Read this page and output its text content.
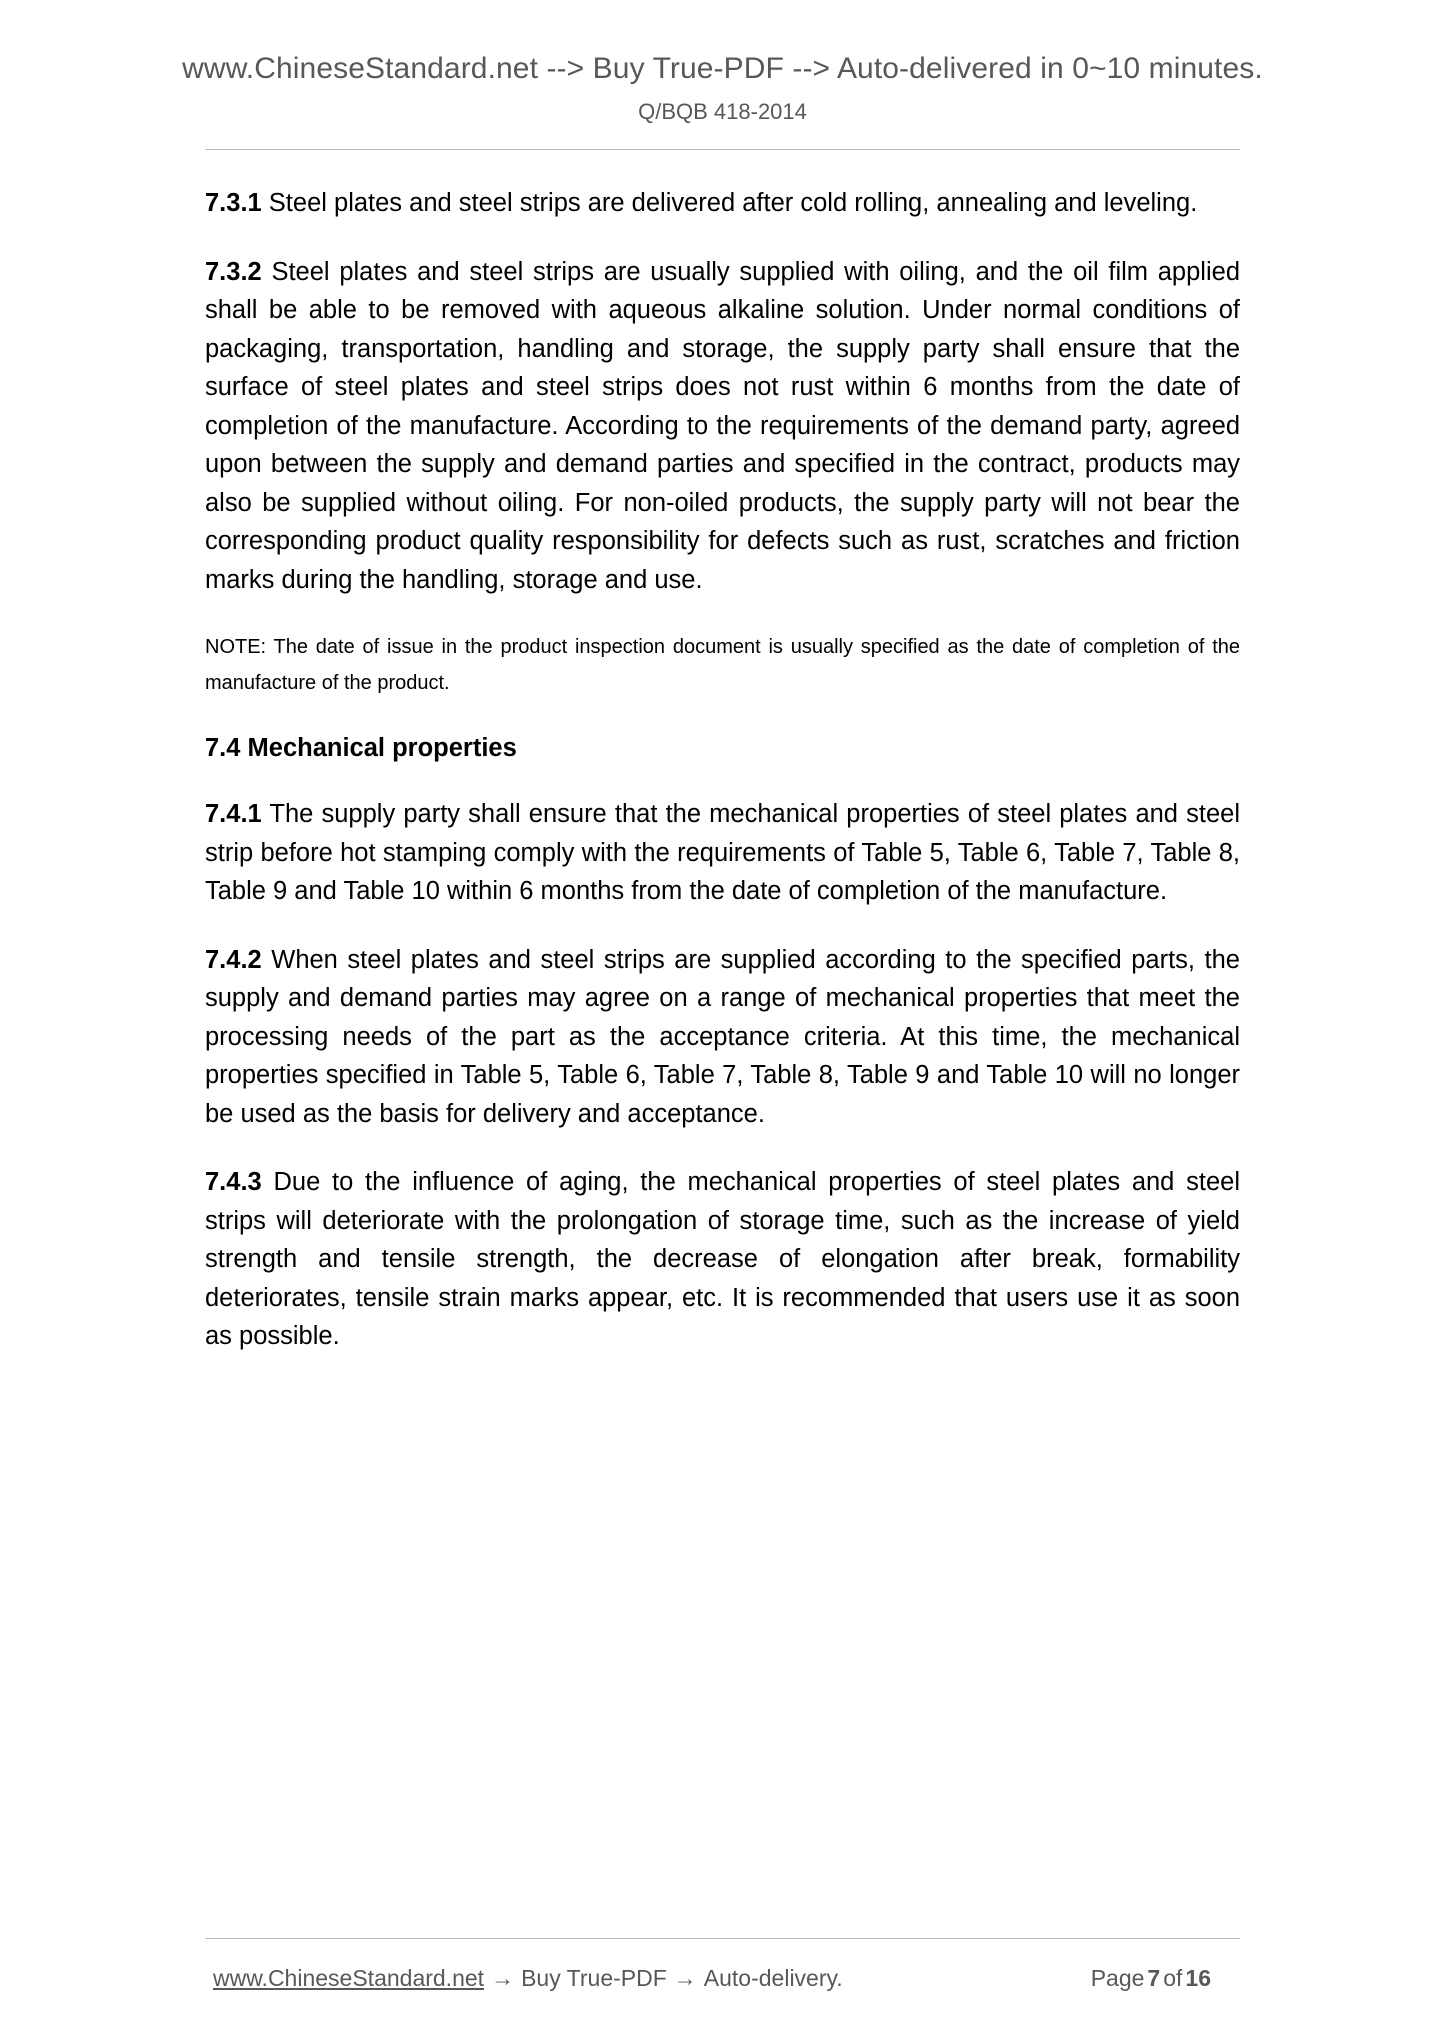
www.ChineseStandard.net --> Buy True-PDF --> Auto-delivered in 0~10 minutes.
Q/BQB 418-2014

7.3.1 Steel plates and steel strips are delivered after cold rolling, annealing and leveling.

7.3.2 Steel plates and steel strips are usually supplied with oiling, and the oil film applied shall be able to be removed with aqueous alkaline solution. Under normal conditions of packaging, transportation, handling and storage, the supply party shall ensure that the surface of steel plates and steel strips does not rust within 6 months from the date of completion of the manufacture. According to the requirements of the demand party, agreed upon between the supply and demand parties and specified in the contract, products may also be supplied without oiling. For non-oiled products, the supply party will not bear the corresponding product quality responsibility for defects such as rust, scratches and friction marks during the handling, storage and use.

NOTE: The date of issue in the product inspection document is usually specified as the date of completion of the manufacture of the product.

7.4 Mechanical properties

7.4.1 The supply party shall ensure that the mechanical properties of steel plates and steel strip before hot stamping comply with the requirements of Table 5, Table 6, Table 7, Table 8, Table 9 and Table 10 within 6 months from the date of completion of the manufacture.

7.4.2 When steel plates and steel strips are supplied according to the specified parts, the supply and demand parties may agree on a range of mechanical properties that meet the processing needs of the part as the acceptance criteria. At this time, the mechanical properties specified in Table 5, Table 6, Table 7, Table 8, Table 9 and Table 10 will no longer be used as the basis for delivery and acceptance.

7.4.3 Due to the influence of aging, the mechanical properties of steel plates and steel strips will deteriorate with the prolongation of storage time, such as the increase of yield strength and tensile strength, the decrease of elongation after break, formability deteriorates, tensile strain marks appear, etc. It is recommended that users use it as soon as possible.

www.ChineseStandard.net → Buy True-PDF → Auto-delivery.	Page 7 of 16
